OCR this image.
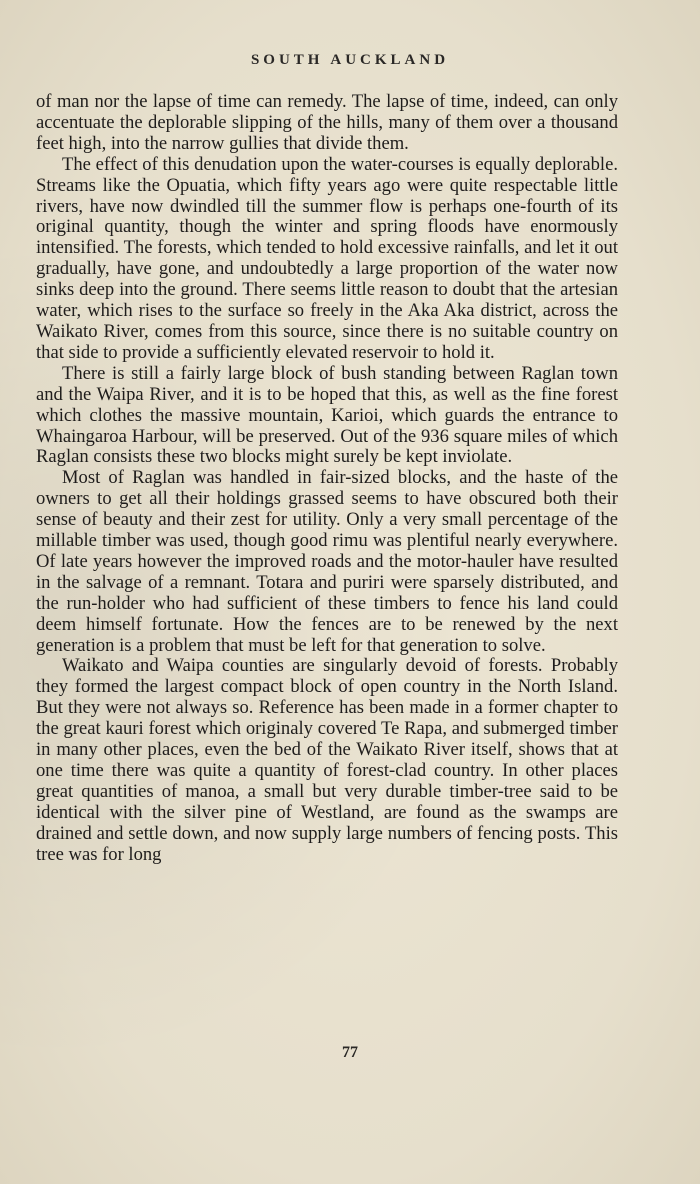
SOUTH AUCKLAND

of man nor the lapse of time can remedy. The lapse of time, indeed, can only accentuate the deplorable slipping of the hills, many of them over a thousand feet high, into the narrow gullies that divide them.

The effect of this denudation upon the water-courses is equally deplorable. Streams like the Opuatia, which fifty years ago were quite respectable little rivers, have now dwindled till the summer flow is perhaps one-fourth of its original quantity, though the winter and spring floods have enormously intensified. The forests, which tended to hold excessive rainfalls, and let it out gradually, have gone, and undoubtedly a large proportion of the water now sinks deep into the ground. There seems little reason to doubt that the artesian water, which rises to the surface so freely in the Aka Aka district, across the Waikato River, comes from this source, since there is no suitable country on that side to provide a sufficiently elevated reservoir to hold it.

There is still a fairly large block of bush standing between Raglan town and the Waipa River, and it is to be hoped that this, as well as the fine forest which clothes the massive mountain, Karioi, which guards the entrance to Whaingaroa Harbour, will be preserved. Out of the 936 square miles of which Raglan consists these two blocks might surely be kept inviolate.

Most of Raglan was handled in fair-sized blocks, and the haste of the owners to get all their holdings grassed seems to have obscured both their sense of beauty and their zest for utility. Only a very small percentage of the millable timber was used, though good rimu was plentiful nearly everywhere. Of late years however the improved roads and the motor-hauler have resulted in the salvage of a remnant. Totara and puriri were sparsely distributed, and the run-holder who had sufficient of these timbers to fence his land could deem himself fortunate. How the fences are to be renewed by the next generation is a problem that must be left for that generation to solve.

Waikato and Waipa counties are singularly devoid of forests. Probably they formed the largest compact block of open country in the North Island. But they were not always so. Reference has been made in a former chapter to the great kauri forest which originaly covered Te Rapa, and submerged timber in many other places, even the bed of the Waikato River itself, shows that at one time there was quite a quantity of forest-clad country. In other places great quantities of manoa, a small but very durable timber-tree said to be identical with the silver pine of Westland, are found as the swamps are drained and settle down, and now supply large numbers of fencing posts. This tree was for long

77
